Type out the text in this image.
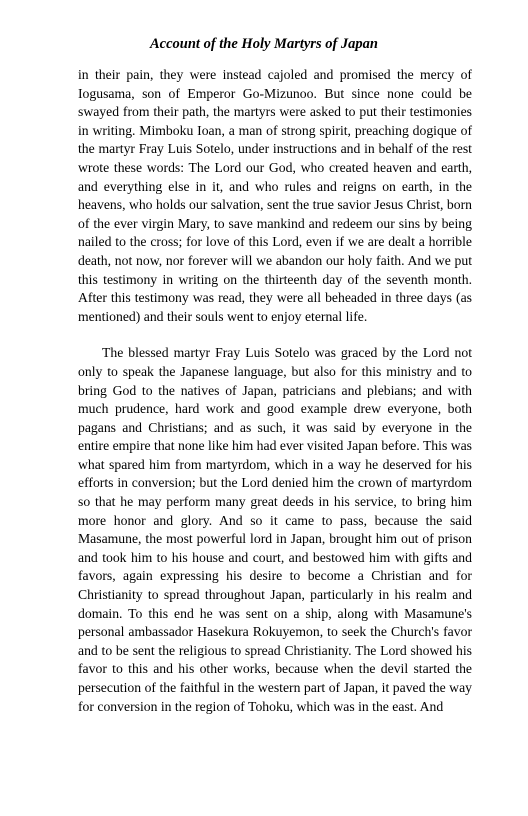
Account of the Holy Martyrs of Japan

in their pain, they were instead cajoled and promised the mercy of Iogusama, son of Emperor Go-Mizunoo. But since none could be swayed from their path, the martyrs were asked to put their testimonies in writing. Mimboku Ioan, a man of strong spirit, preaching dogique of the martyr Fray Luis Sotelo, under instructions and in behalf of the rest wrote these words: The Lord our God, who created heaven and earth, and everything else in it, and who rules and reigns on earth, in the heavens, who holds our salvation, sent the true savior Jesus Christ, born of the ever virgin Mary, to save mankind and redeem our sins by being nailed to the cross; for love of this Lord, even if we are dealt a horrible death, not now, nor forever will we abandon our holy faith. And we put this testimony in writing on the thirteenth day of the seventh month. After this testimony was read, they were all beheaded in three days (as mentioned) and their souls went to enjoy eternal life.

The blessed martyr Fray Luis Sotelo was graced by the Lord not only to speak the Japanese language, but also for this ministry and to bring God to the natives of Japan, patricians and plebians; and with much prudence, hard work and good example drew everyone, both pagans and Christians; and as such, it was said by everyone in the entire empire that none like him had ever visited Japan before. This was what spared him from martyrdom, which in a way he deserved for his efforts in conversion; but the Lord denied him the crown of martyrdom so that he may perform many great deeds in his service, to bring him more honor and glory. And so it came to pass, because the said Masamune, the most powerful lord in Japan, brought him out of prison and took him to his house and court, and bestowed him with gifts and favors, again expressing his desire to become a Christian and for Christianity to spread throughout Japan, particularly in his realm and domain. To this end he was sent on a ship, along with Masamune's personal ambassador Hasekura Rokuyemon, to seek the Church's favor and to be sent the religious to spread Christianity. The Lord showed his favor to this and his other works, because when the devil started the persecution of the faithful in the western part of Japan, it paved the way for conversion in the region of Tohoku, which was in the east. And
